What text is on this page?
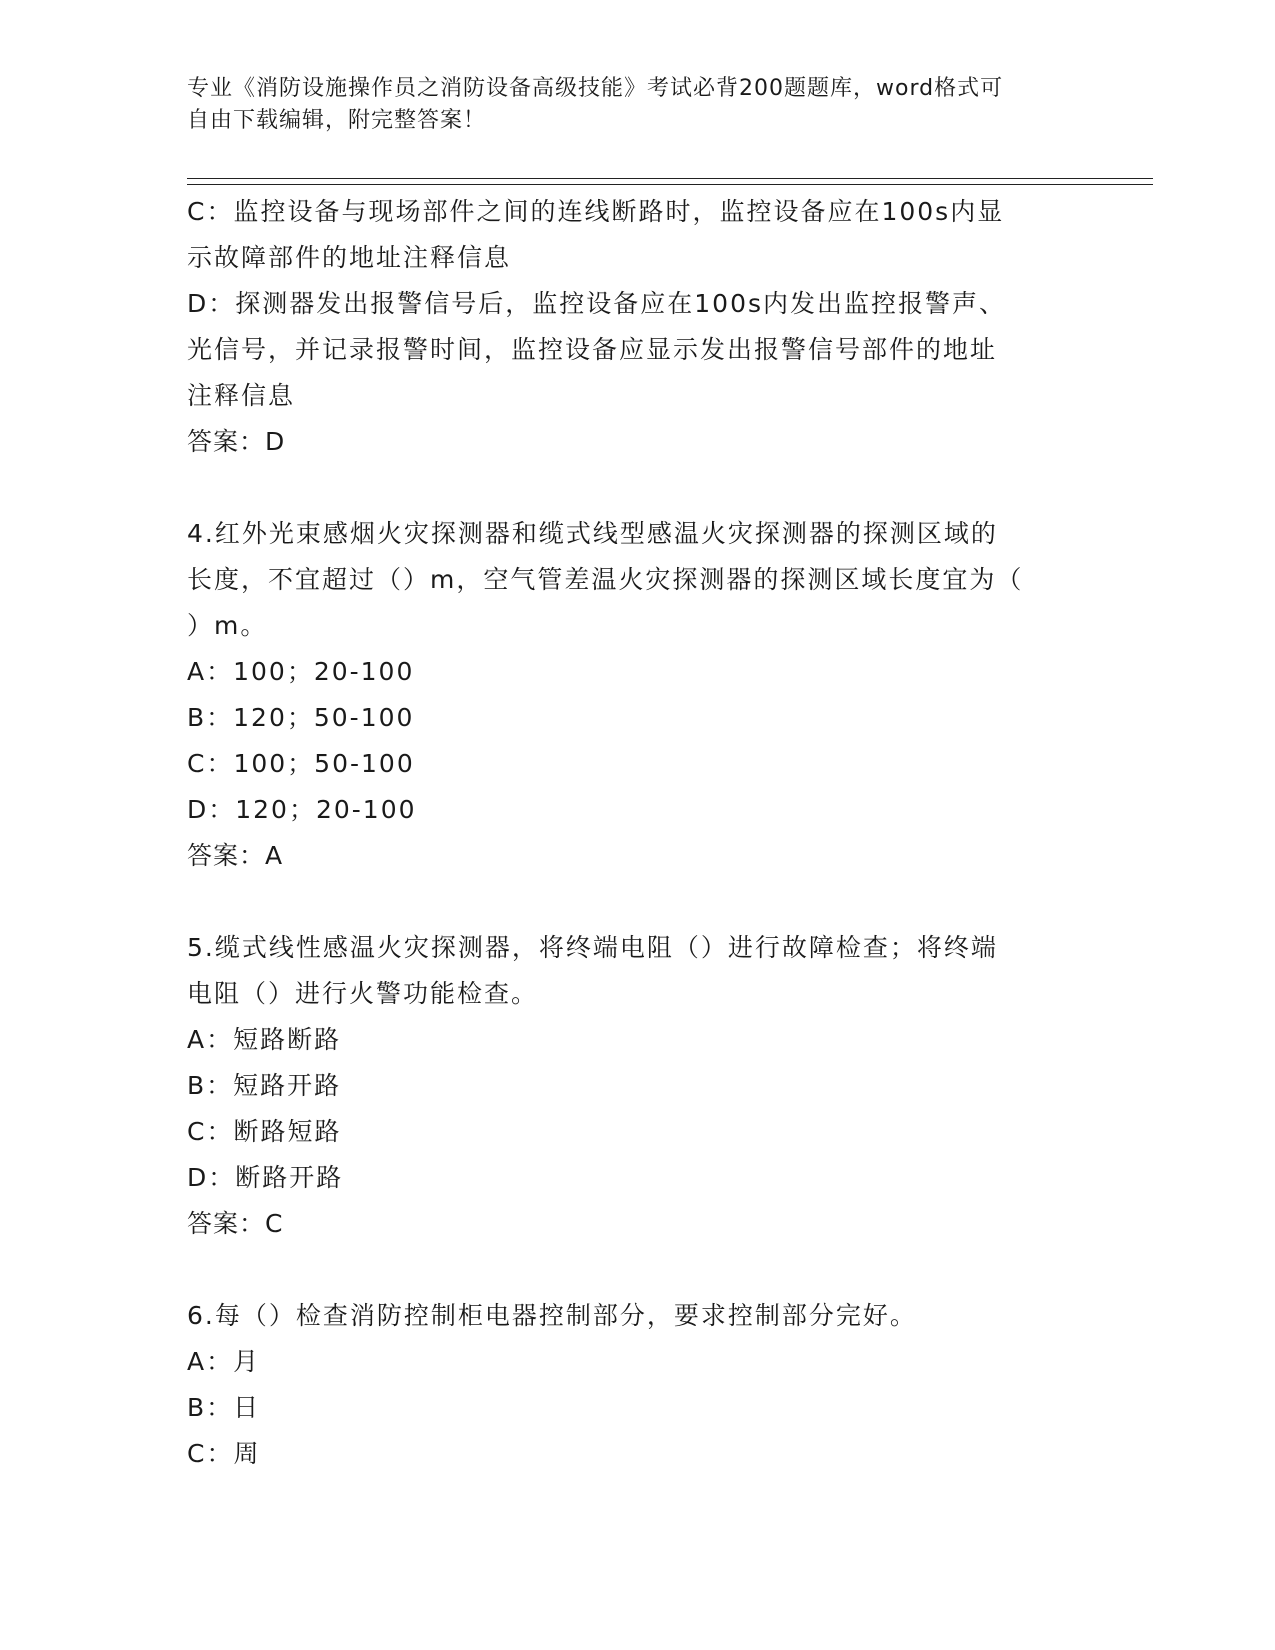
专业《消防设施操作员之消防设备高级技能》考试必背200题题库，word格式可
自由下载编辑，附完整答案！
C：监控设备与现场部件之间的连线断路时，监控设备应在100s内显
示故障部件的地址注释信息
D：探测器发出报警信号后，监控设备应在100s内发出监控报警声、
光信号，并记录报警时间，监控设备应显示发出报警信号部件的地址
注释信息
答案：D
4.红外光束感烟火灾探测器和缆式线型感温火灾探测器的探测区域的
长度，不宜超过（）m，空气管差温火灾探测器的探测区域长度宜为（
）m。
A：100；20-100
B：120；50-100
C：100；50-100
D：120；20-100
答案：A
5.缆式线性感温火灾探测器，将终端电阻（）进行故障检查；将终端
电阻（）进行火警功能检查。
A：短路断路
B：短路开路
C：断路短路
D：断路开路
答案：C
6.每（）检查消防控制柜电器控制部分，要求控制部分完好。
A：月
B：日
C：周
